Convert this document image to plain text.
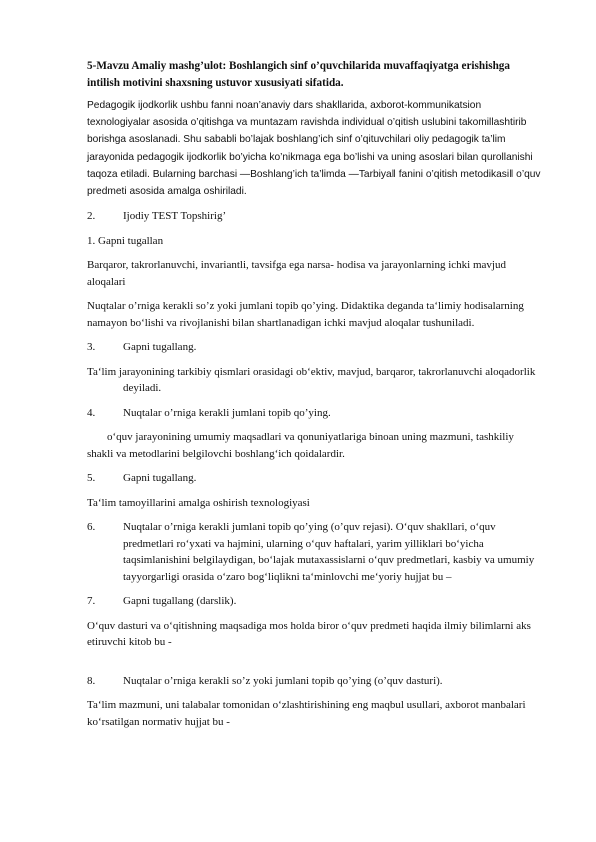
5-Mavzu Amaliy mashg’ulot: Boshlangich sinf o’quvchilarida muvaffaqiyatga erishishga intilish motivini shaxsning ustuvor xususiyati sifatida.

Pedagogik ijodkorlik ushbu fanni noan’anaviy dars shakllarida, axborot-kommunikatsion texnologiyalar asosida o’qitishga va muntazam ravishda individual o’qitish uslubini takomillashtirib borishga asoslanadi. Shu sababli bo’lajak boshlang’ich sinf o’qituvchilari oliy pedagogik ta’lim jarayonida pedagogik ijodkorlik bo’yicha ko’nikmaga ega bo’lishi va uning asoslari bilan qurollanishi taqoza etiladi. Bularning barchasi ―Boshlang’ich ta’limda ―Tarbiya‖ fanini o’qitish metodikasi‖ o’quv predmeti asosida amalga oshiriladi.

2.	Ijodiy TEST Topshirig’

1. Gapni tugallan

Barqaror, takrorlanuvchi, invariantli, tavsifga ega narsa- hodisa va jarayonlarning ichki mavjud aloqalari

Nuqtalar o’rniga kerakli so’z yoki jumlani topib qo’ying. Didaktika deganda ta‘limiy hodisalarning namayon bo‘lishi va rivojlanishi bilan shartlanadigan ichki mavjud aloqalar tushuniladi.

3.	Gapni tugallang.

Ta‘lim jarayonining tarkibiy qismlari orasidagi ob‘ektiv, mavjud, barqaror, takrorlanuvchi aloqadorlik deyiladi.

4.	Nuqtalar o’rniga kerakli jumlani topib qo’ying.

o‘quv jarayonining umumiy maqsadlari va qonuniyatlariga binoan uning mazmuni, tashkiliy shakli va metodlarini belgilovchi boshlang‘ich qoidalardir.

5.	Gapni tugallang.

Ta‘lim tamoyillarini amalga oshirish texnologiyasi

6.	Nuqtalar o’rniga kerakli jumlani topib qo’ying (o’quv rejasi). O‘quv shakllari, o‘quv predmetlari ro‘yxati va hajmini, ularning o‘quv haftalari, yarim yilliklari bo‘yicha taqsimlanishini belgilaydigan, bo‘lajak mutaxassislarni o‘quv predmetlari, kasbiy va umumiy tayyorgarligi orasida o‘zaro bog‘liqlikni ta‘minlovchi me‘yoriy hujjat bu –
7.	Gapni tugallang (darslik).

O‘quv dasturi va o‘qitishning maqsadiga mos holda biror o‘quv predmeti haqida ilmiy bilimlarni aks etiruvchi kitob bu -

8.	Nuqtalar o’rniga kerakli so’z yoki jumlani topib qo’ying (o’quv dasturi).

Ta‘lim mazmuni, uni talabalar tomonidan o‘zlashtirishining eng maqbul usullari, axborot manbalari ko‘rsatilgan normativ hujjat bu -
